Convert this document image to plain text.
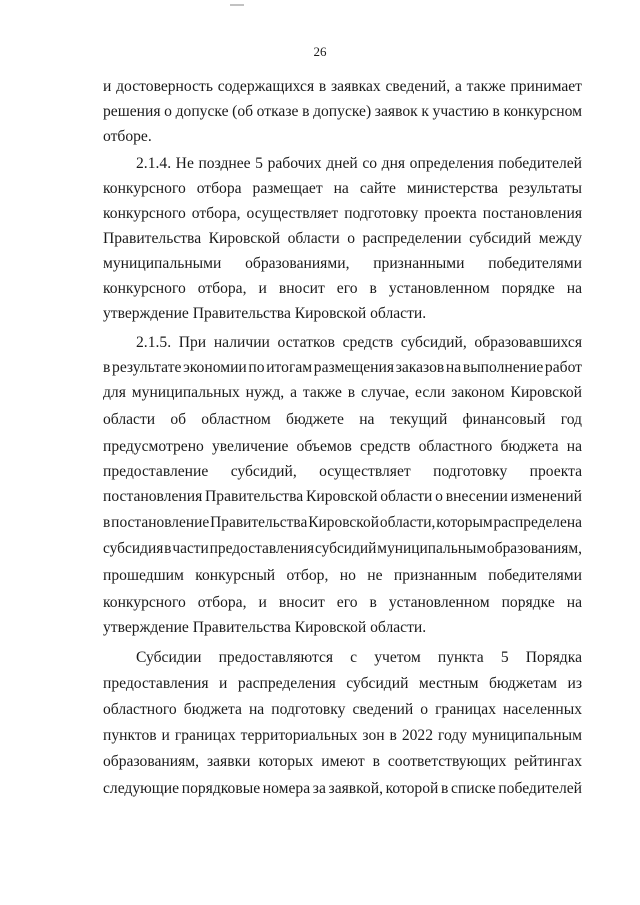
26
и достоверность содержащихся в заявках сведений, а также принимает
решения о допуске (об отказе в допуске) заявок к участию в конкурсном
отборе.
2.1.4. Не позднее 5 рабочих дней со дня определения победителей
конкурсного отбора размещает на сайте министерства результаты
конкурсного отбора, осуществляет подготовку проекта постановления
Правительства Кировской области о распределении субсидий между
муниципальными образованиями, признанными победителями
конкурсного отбора, и вносит его в установленном порядке на
утверждение Правительства Кировской области.
2.1.5. При наличии остатков средств субсидий, образовавшихся
в результате экономии по итогам размещения заказов на выполнение работ
для муниципальных нужд, а также в случае, если законом Кировской
области об областном бюджете на текущий финансовый год
предусмотрено увеличение объемов средств областного бюджета на
предоставление субсидий, осуществляет подготовку проекта
постановления Правительства Кировской области о внесении изменений
в постановление Правительства Кировской области, которым распределена
субсидия в части предоставления субсидий муниципальным образованиям,
прошедшим конкурсный отбор, но не признанным победителями
конкурсного отбора, и вносит его в установленном порядке на
утверждение Правительства Кировской области.
Субсидии предоставляются с учетом пункта 5 Порядка
предоставления и распределения субсидий местным бюджетам из
областного бюджета на подготовку сведений о границах населенных
пунктов и границах территориальных зон в 2022 году муниципальным
образованиям, заявки которых имеют в соответствующих рейтингах
следующие порядковые номера за заявкой, которой в списке победителей
